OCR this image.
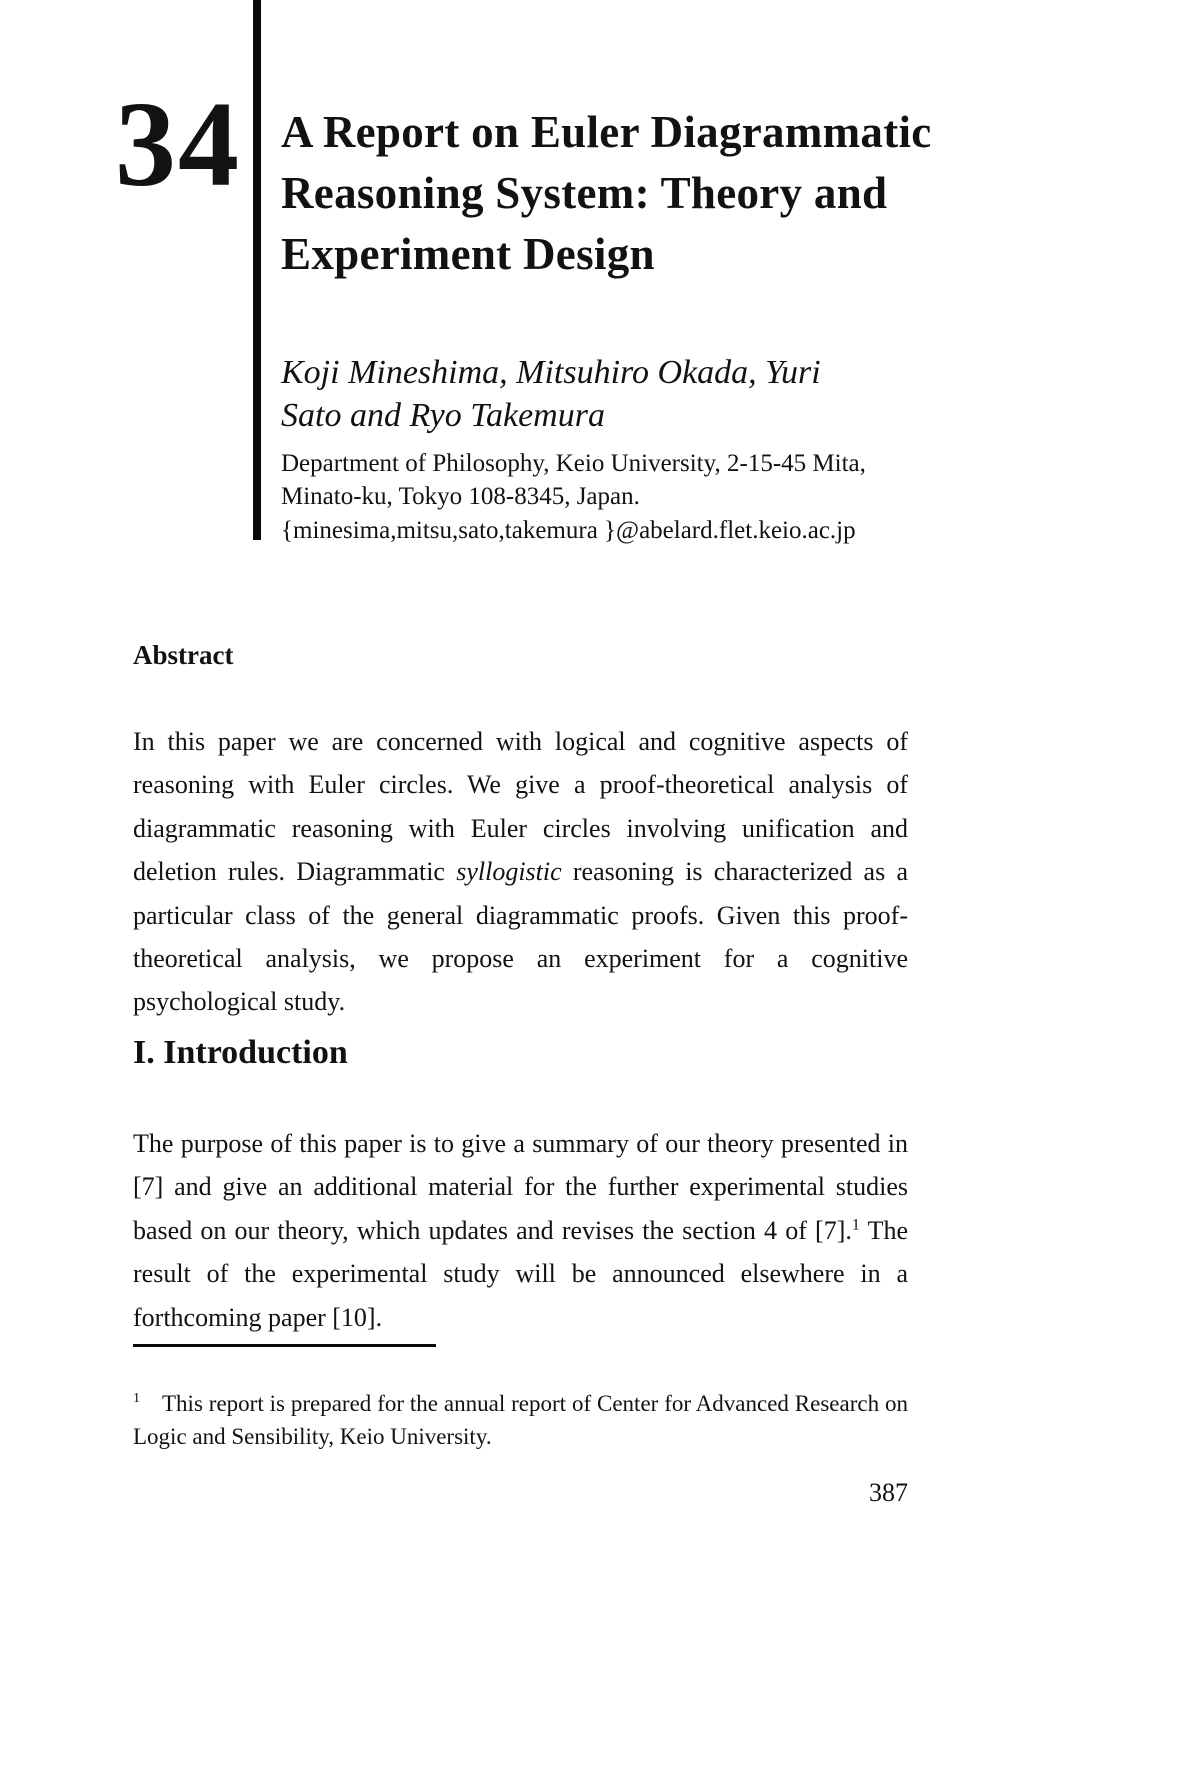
34 A Report on Euler Diagrammatic
Reasoning System: Theory and
Experiment Design
Koji Mineshima, Mitsuhiro Okada, Yuri
Sato and Ryo Takemura
Department of Philosophy, Keio University, 2-15-45 Mita,
Minato-ku, Tokyo 108-8345, Japan.
{minesima,mitsu,sato,takemura }@abelard.flet.keio.ac.jp
Abstract

In this paper we are concerned with logical and cognitive aspects of reasoning with Euler circles. We give a proof-theoretical analysis of diagrammatic reasoning with Euler circles involving unification and deletion rules. Diagrammatic syllogistic reasoning is characterized as a particular class of the general diagrammatic proofs. Given this proof-theoretical analysis, we propose an experiment for a cognitive psychological study.

I. Introduction

The purpose of this paper is to give a summary of our theory presented in [7] and give an additional material for the further experimental studies based on our theory, which updates and revises the section 4 of [7].$^1$ The result of the experimental study will be announced elsewhere in a forthcoming paper [10].

$^1$ This report is prepared for the annual report of Center for Advanced Research on Logic and Sensibility, Keio University.

387
